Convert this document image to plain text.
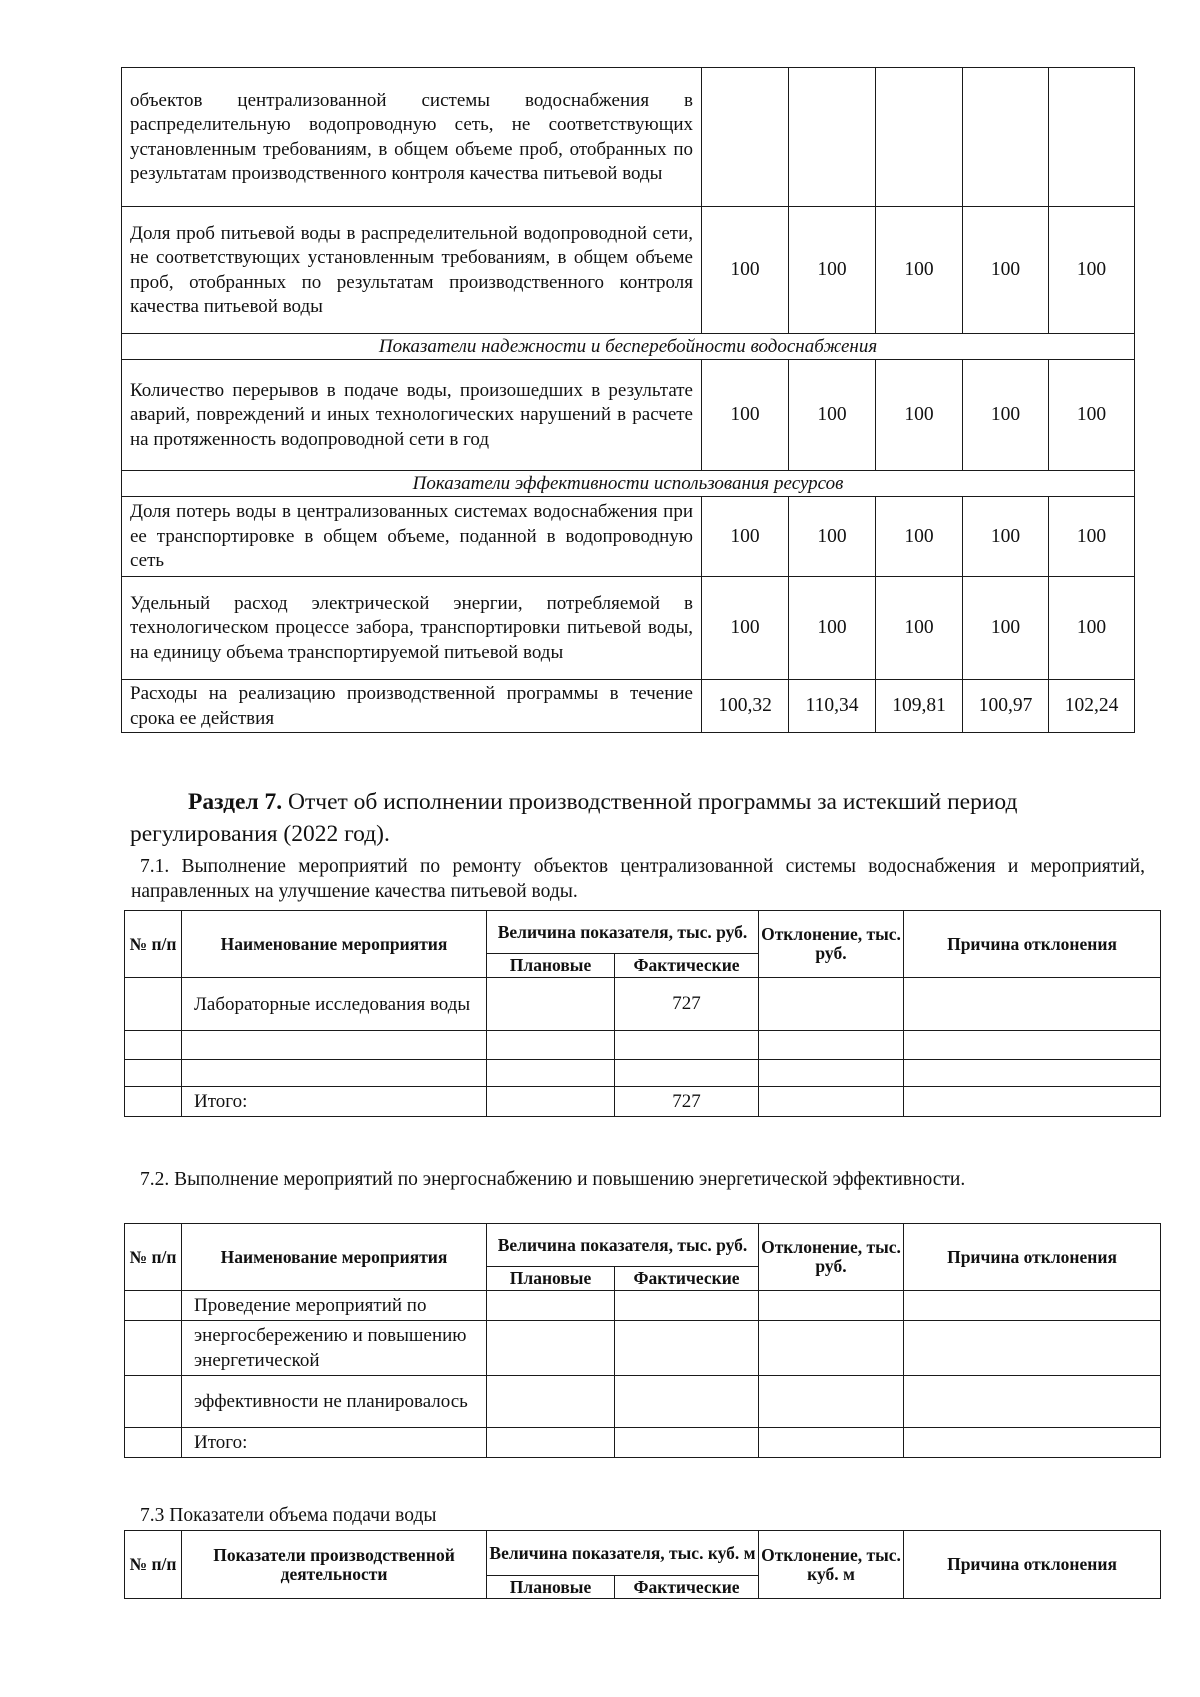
объектов централизованной системы водоснабжения в распределительную водопроводную сеть, не соответствующих установленным требованиям, в общем объеме проб, отобранных по результатам производственного контроля качества питьевой воды					
Доля проб питьевой воды в распределительной водопроводной сети, не соответствующих установленным требованиям, в общем объеме проб, отобранных по результатам производственного контроля качества питьевой воды	100	100	100	100	100
Показатели надежности и бесперебойности водоснабжения					
Количество перерывов в подаче воды, произошедших в результате аварий, повреждений и иных технологических нарушений в расчете на протяженность водопроводной сети в год	100	100	100	100	100
Показатели эффективности использования ресурсов					
Доля потерь воды в централизованных системах водоснабжения при ее транспортировке в общем объеме, поданной в водопроводную сеть	100	100	100	100	100
Удельный расход электрической энергии, потребляемой в технологическом процессе забора, транспортировки питьевой воды, на единицу объема транспортируемой питьевой воды	100	100	100	100	100
Расходы на реализацию производственной программы в течение срока ее действия	100,32	110,34	109,81	100,97	102,24
Раздел 7. Отчет об исполнении производственной программы за истекший период регулирования (2022 год).
7.1. Выполнение мероприятий по ремонту объектов централизованной системы водоснабжения и мероприятий, направленных на улучшение качества питьевой воды.
№ п/п	Наименование мероприятия	Величина показателя, тыс. руб.		Отклонение, тыс. руб.	Причина отклонения
		Плановые	Фактические		
	Лабораторные исследования воды		727		

	Итого:		727		
7.2. Выполнение мероприятий по энергоснабжению и повышению энергетической эффективности.
№ п/п	Наименование мероприятия	Величина показателя, тыс. руб.		Отклонение, тыс. руб.	Причина отклонения
		Плановые	Фактические		
	Проведение мероприятий по				
	энергосбережению и повышению энергетической				
	эффективности не планировалось				
	Итого:				
7.3 Показатели объема подачи воды
№ п/п	Показатели производственной деятельности	Величина показателя, тыс. куб. м		Отклонение, тыс. куб. м	Причина отклонения
		Плановые	Фактические		
